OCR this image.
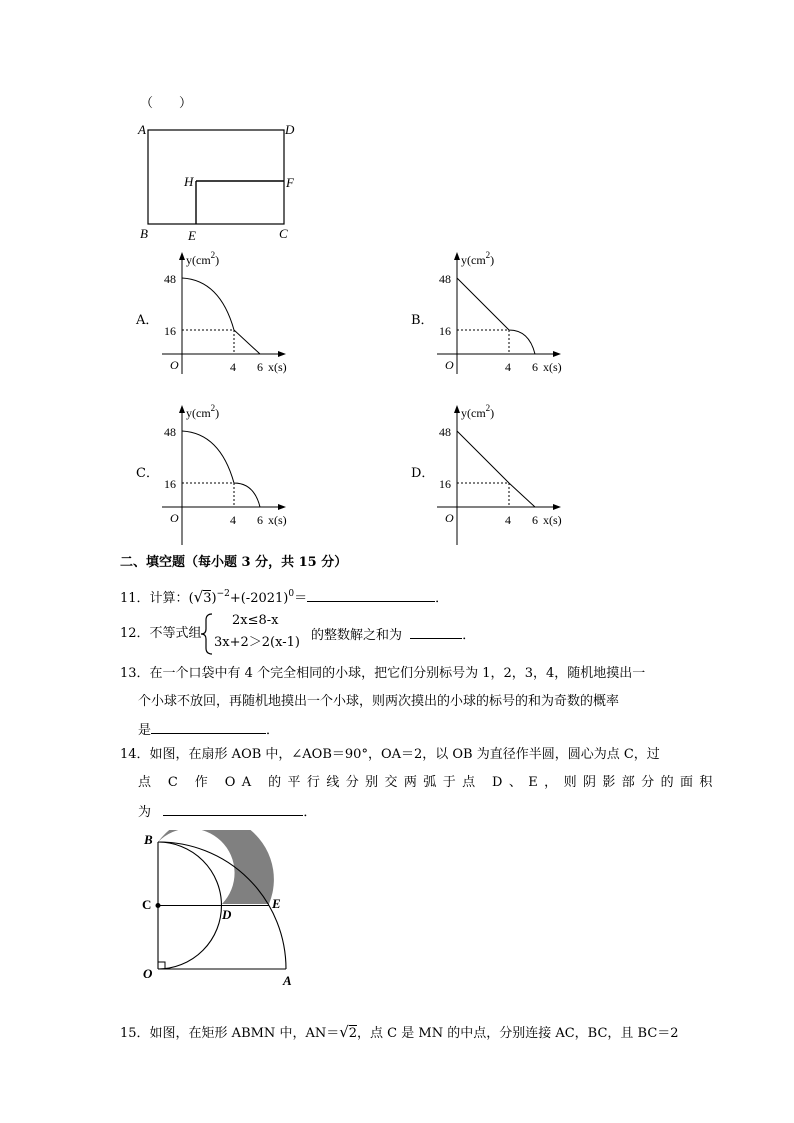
（　　）
A	D
H	F
B	E	C
$y(cm^2)$
48
16
O	4 6 x(s)
A．
$y(cm^2)$
48
16
O	4 6 x(s)
B．
$y(cm^2)$
48
16
O	4 6 x(s)
C．
$y(cm^2)$
48
16
O	4 6 x(s)
D．
二、填空题（每小题 3 分，共 15 分）
11．计算：$(√3)^{-2}+(-2021)^0=$	．
12．不等式组
2x≤8-x
3x+2＞2(x-1) 的整数解之和为	．
13．在一个口袋中有 4 个完全相同的小球，把它们分别标号为 1，2，3，4，随机地摸出一
个小球不放回，再随机地摸出一个小球，则两次摸出的小球的标号的和为奇数的概率
是	．
14．如图，在扇形 AOB 中，∠AOB＝90°，OA＝2，以 OB 为直径作半圆，圆心为点 C，过
点 C 作 OA 的平行线分别交两弧于点 D、E，则阴影部分的面积
为	．
B
C
D
E
O	A
15．如图，在矩形 ABMN 中，AN＝√2，点 C 是 MN 的中点，分别连接 AC，BC，且 BC＝2
